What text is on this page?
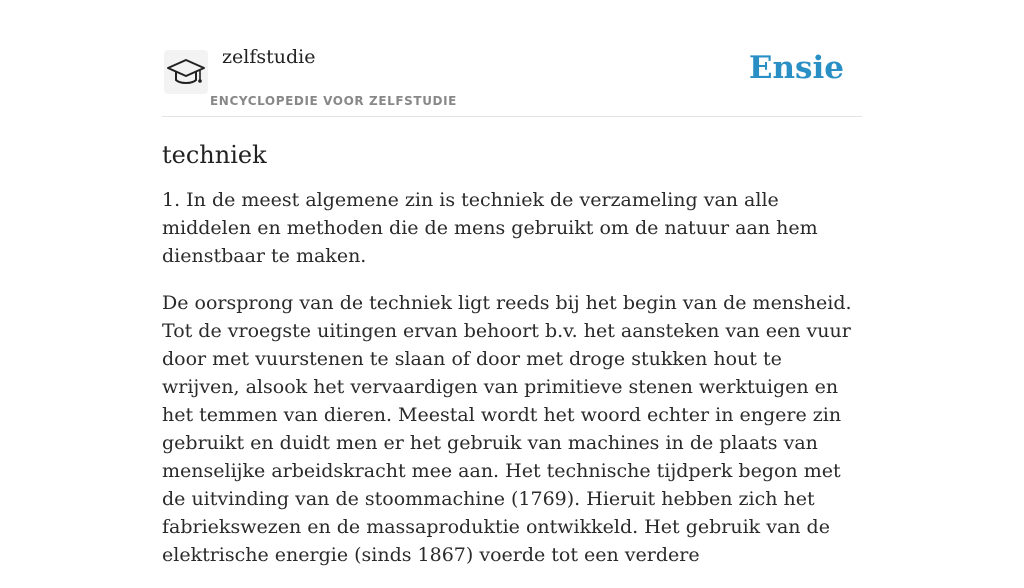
zelfstudie
ENCYCLOPEDIE VOOR ZELFSTUDIE
Ensie
techniek

1. In de meest algemene zin is techniek de verzameling van alle middelen en methoden die de mens gebruikt om de natuur aan hem dienstbaar te maken.

De oorsprong van de techniek ligt reeds bij het begin van de mensheid. Tot de vroegste uitingen ervan behoort b.v. het aansteken van een vuur door met vuurstenen te slaan of door met droge stukken hout te wrijven, alsook het vervaardigen van primitieve stenen werktuigen en het temmen van dieren. Meestal wordt het woord echter in engere zin gebruikt en duidt men er het gebruik van machines in de plaats van menselijke arbeidskracht mee aan. Het technische tijdperk begon met de uitvinding van de stoommachine (1769). Hieruit hebben zich het fabriekswezen en de massaproduktie ontwikkeld. Het gebruik van de elektrische energie (sinds 1867) voerde tot een verdere
